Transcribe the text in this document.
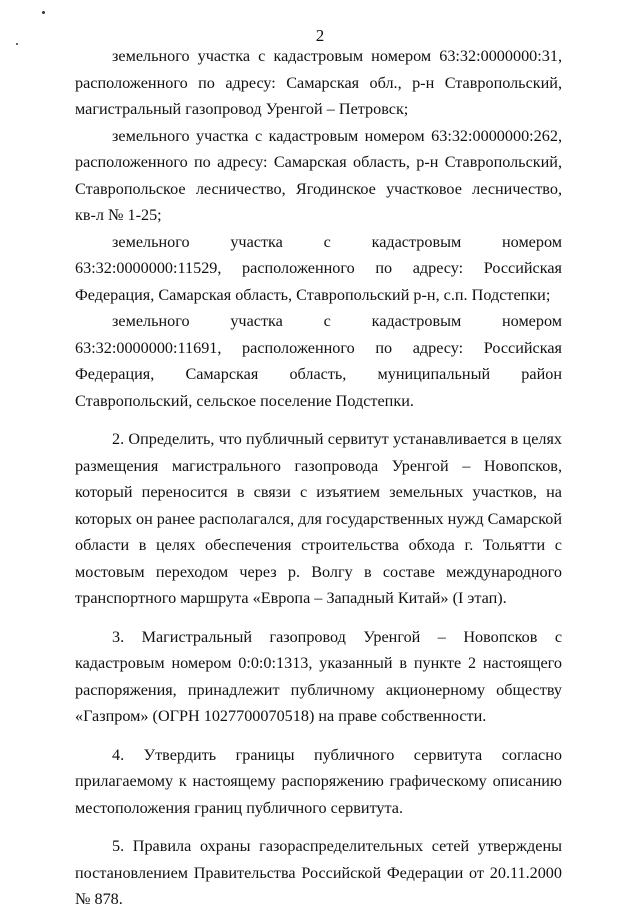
2

земельного участка с кадастровым номером 63:32:0000000:31, расположенного по адресу: Самарская обл., р-н Ставропольский, магистральный газопровод Уренгой – Петровск;

земельного участка с кадастровым номером 63:32:0000000:262, расположенного по адресу: Самарская область, р-н Ставропольский, Ставропольское лесничество, Ягодинское участковое лесничество, кв-л № 1-25;

земельного участка с кадастровым номером 63:32:0000000:11529, расположенного по адресу: Российская Федерация, Самарская область, Ставропольский р-н, с.п. Подстепки;

земельного участка с кадастровым номером 63:32:0000000:11691, расположенного по адресу: Российская Федерация, Самарская область, муниципальный район Ставропольский, сельское поселение Подстепки.

2. Определить, что публичный сервитут устанавливается в целях размещения магистрального газопровода Уренгой – Новопсков, который переносится в связи с изъятием земельных участков, на которых он ранее располагался, для государственных нужд Самарской области в целях обеспечения строительства обхода г. Тольятти с мостовым переходом через р. Волгу в составе международного транспортного маршрута «Европа – Западный Китай» (I этап).

3. Магистральный газопровод Уренгой – Новопсков с кадастровым номером 0:0:0:1313, указанный в пункте 2 настоящего распоряжения, принадлежит публичному акционерному обществу «Газпром» (ОГРН 1027700070518) на праве собственности.

4. Утвердить границы публичного сервитута согласно прилагаемому к настоящему распоряжению графическому описанию местоположения границ публичного сервитута.

5. Правила охраны газораспределительных сетей утверждены постановлением Правительства Российской Федерации от 20.11.2000 № 878.
